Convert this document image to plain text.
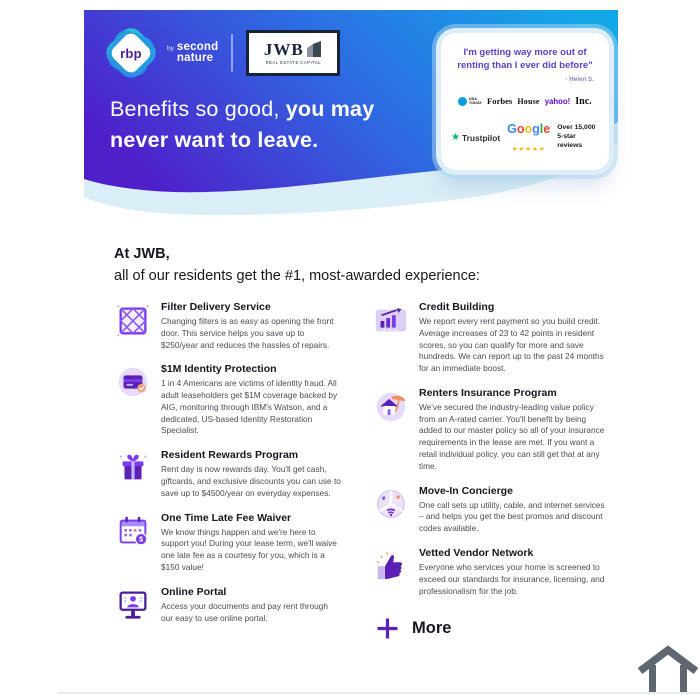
rbp	by second
nature	JWB
REAL ESTATE CAPITAL
Benefits so good, you may
never want to leave.
I'm getting way more out of renting than I ever did before"
- Helen S.
USA
TODAY Forbes House yahoo! Inc.
★ Trustpilot
Google
★★★★★
Over 15,000
5-star reviews
At JWB,
all of our residents get the #1, most-awarded experience:
Filter Delivery Service
Changing filters is as easy as opening the front door. This service helps you save up to $250/year and reduces the hassles of repairs.
$1M Identity Protection
1 in 4 Americans are victims of identity fraud. All adult leaseholders get $1M coverage backed by AIG, monitoring through IBM's Watson, and a dedicated, US-based Identity Restoration Specialist.
Resident Rewards Program
Rent day is now rewards day. You'll get cash, giftcards, and exclusive discounts you can use to save up to $4500/year on everyday expenses.
$
One Time Late Fee Waiver
We know things happen and we're here to support you! During your lease term, we'll waive one late fee as a courtesy for you, which is a $150 value!
Online Portal
Access your documents and pay rent through our easy to use online portal.
Credit Building
We report every rent payment so you build credit. Average increases of 23 to 42 points in resident scores, so you can qualify for more and save hundreds. We can report up to the past 24 months for an immediate boost.
Renters Insurance Program
We've secured the industry-leading value policy from an A-rated carrier. You'll benefit by being added to our master policy so all of your insurance requirements in the lease are met. If you want a retail individual policy, you can still get that at any time.
Move-In Concierge
One call sets up utility, cable, and internet services – and helps you get the best promos and discount codes available.
Vetted Vendor Network
Everyone who services your home is screened to exceed our standards for insurance, licensing, and professionalism for the job.
More
